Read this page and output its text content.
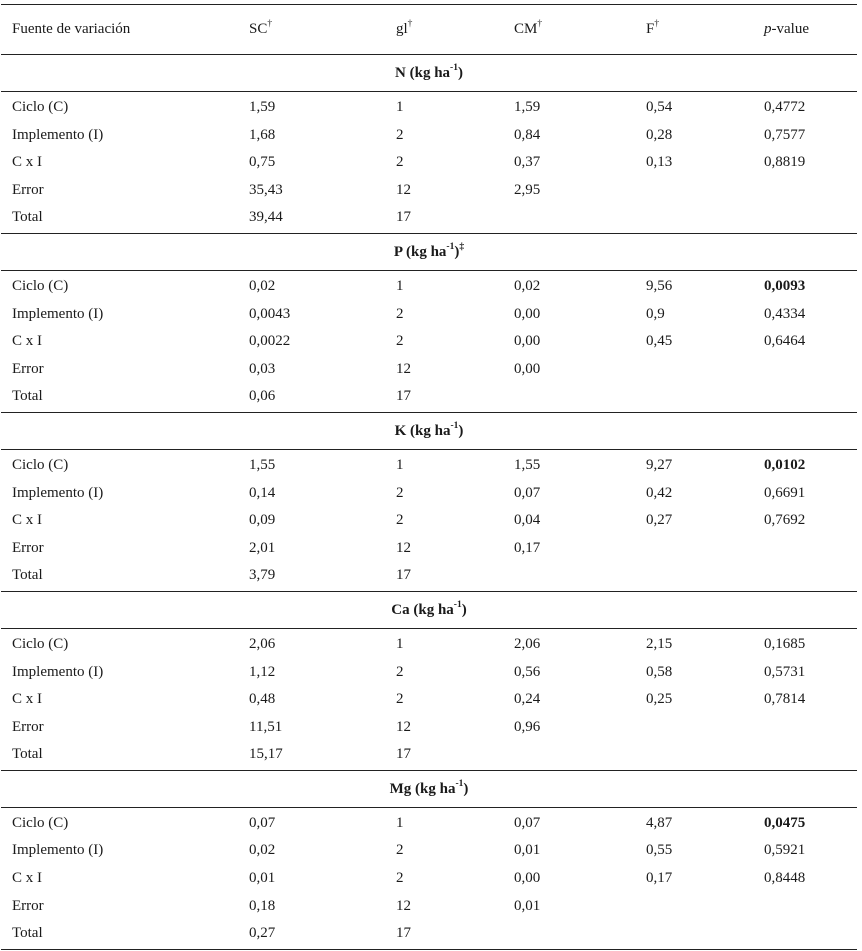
Fuente de variación	SC†	gl†	CM†	F†	p-value
N (kg $ha^{-1}$)
Ciclo (C)	1,59	1	1,59	0,54	0,4772
Implemento (I)	1,68	2	0,84	0,28	0,7577
C x I	0,75	2	0,37	0,13	0,8819
Error	35,43	12	2,95
Total	39,44	17
P (kg $ha^{-1})^\ddagger$
Ciclo (C)	0,02	1	0,02	9,56	0,0093
Implemento (I)	0,0043	2	0,00	0,9	0,4334
C x I	0,0022	2	0,00	0,45	0,6464
Error	0,03	12	0,00
Total	0,06	17
K (kg $ha^{-1}$)
Ciclo (C)	1,55	1	1,55	9,27	0,0102
Implemento (I)	0,14	2	0,07	0,42	0,6691
C x I	0,09	2	0,04	0,27	0,7692
Error	2,01	12	0,17
Total	3,79	17
Ca (kg $ha^{-1}$)
Ciclo (C)	2,06	1	2,06	2,15	0,1685
Implemento (I)	1,12	2	0,56	0,58	0,5731
C x I	0,48	2	0,24	0,25	0,7814
Error	11,51	12	0,96
Total	15,17	17
Mg (kg $ha^{-1}$)
Ciclo (C)	0,07	1	0,07	4,87	0,0475
Implemento (I)	0,02	2	0,01	0,55	0,5921
C x I	0,01	2	0,00	0,17	0,8448
Error	0,18	12	0,01
Total	0,27	17
